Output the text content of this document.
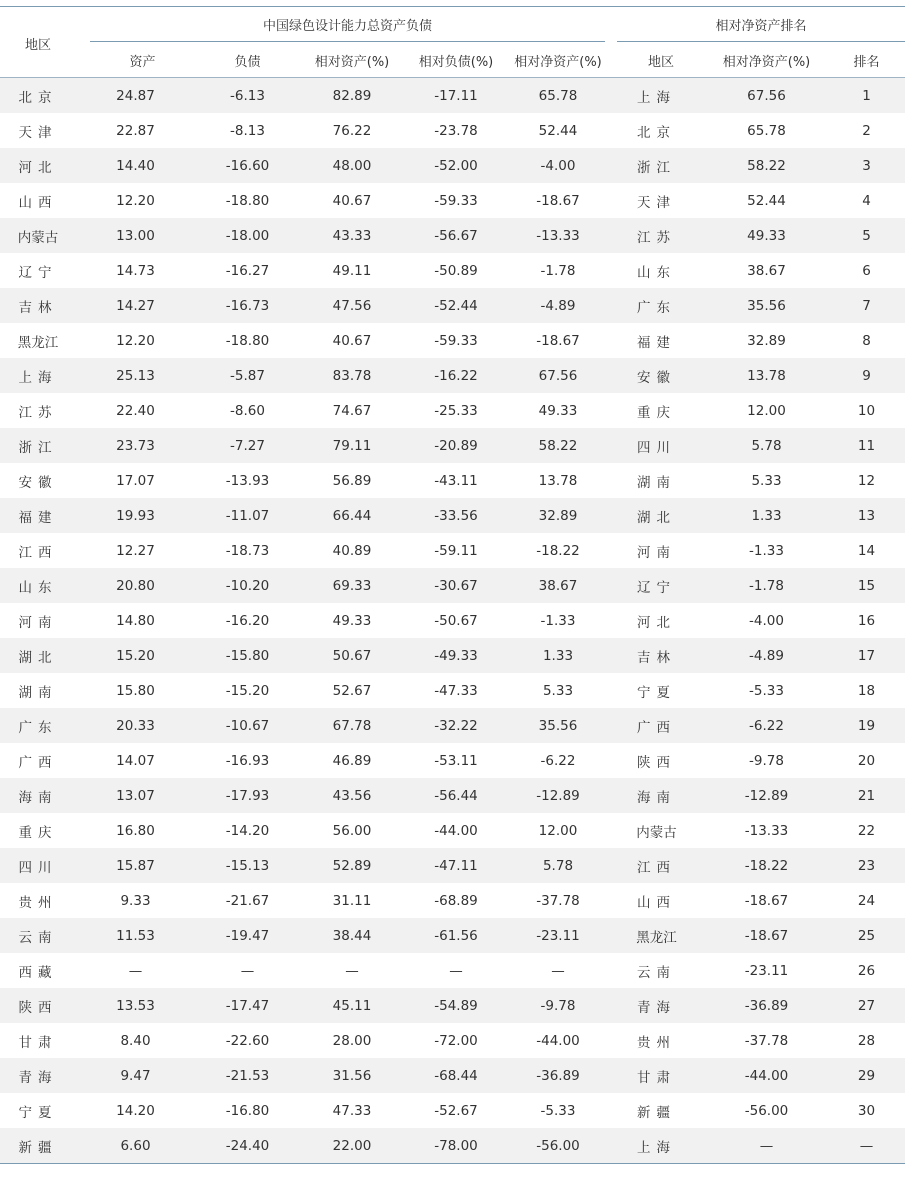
地区
中国绿色设计能力总资产负债	相对净资产排名
资产	负债	相对资产(%)	相对负债(%)	相对净资产(%)	地区	相对净资产(%)	排名
北京	24.87	-6.13	82.89	-17.11	65.78	上海	67.56	1
天津	22.87	-8.13	76.22	-23.78	52.44	北京	65.78	2
河北	14.40	-16.60	48.00	-52.00	-4.00	浙江	58.22	3
山西	12.20	-18.80	40.67	-59.33	-18.67	天津	52.44	4
内蒙古	13.00	-18.00	43.33	-56.67	-13.33	江苏	49.33	5
辽宁	14.73	-16.27	49.11	-50.89	-1.78	山东	38.67	6
吉林	14.27	-16.73	47.56	-52.44	-4.89	广东	35.56	7
黑龙江	12.20	-18.80	40.67	-59.33	-18.67	福建	32.89	8
上海	25.13	-5.87	83.78	-16.22	67.56	安徽	13.78	9
江苏	22.40	-8.60	74.67	-25.33	49.33	重庆	12.00	10
浙江	23.73	-7.27	79.11	-20.89	58.22	四川	5.78	11
安徽	17.07	-13.93	56.89	-43.11	13.78	湖南	5.33	12
福建	19.93	-11.07	66.44	-33.56	32.89	湖北	1.33	13
江西	12.27	-18.73	40.89	-59.11	-18.22	河南	-1.33	14
山东	20.80	-10.20	69.33	-30.67	38.67	辽宁	-1.78	15
河南	14.80	-16.20	49.33	-50.67	-1.33	河北	-4.00	16
湖北	15.20	-15.80	50.67	-49.33	1.33	吉林	-4.89	17
湖南	15.80	-15.20	52.67	-47.33	5.33	宁夏	-5.33	18
广东	20.33	-10.67	67.78	-32.22	35.56	广西	-6.22	19
广西	14.07	-16.93	46.89	-53.11	-6.22	陕西	-9.78	20
海南	13.07	-17.93	43.56	-56.44	-12.89	海南	-12.89	21
重庆	16.80	-14.20	56.00	-44.00	12.00	内蒙古	-13.33	22
四川	15.87	-15.13	52.89	-47.11	5.78	江西	-18.22	23
贵州	9.33	-21.67	31.11	-68.89	-37.78	山西	-18.67	24
云南	11.53	-19.47	38.44	-61.56	-23.11	黑龙江	-18.67	25
西藏	—	—	—	—	—	云南	-23.11	26
陕西	13.53	-17.47	45.11	-54.89	-9.78	青海	-36.89	27
甘肃	8.40	-22.60	28.00	-72.00	-44.00	贵州	-37.78	28
青海	9.47	-21.53	31.56	-68.44	-36.89	甘肃	-44.00	29
宁夏	14.20	-16.80	47.33	-52.67	-5.33	新疆	-56.00	30
新疆	6.60	-24.40	22.00	-78.00	-56.00	上海	—	—
